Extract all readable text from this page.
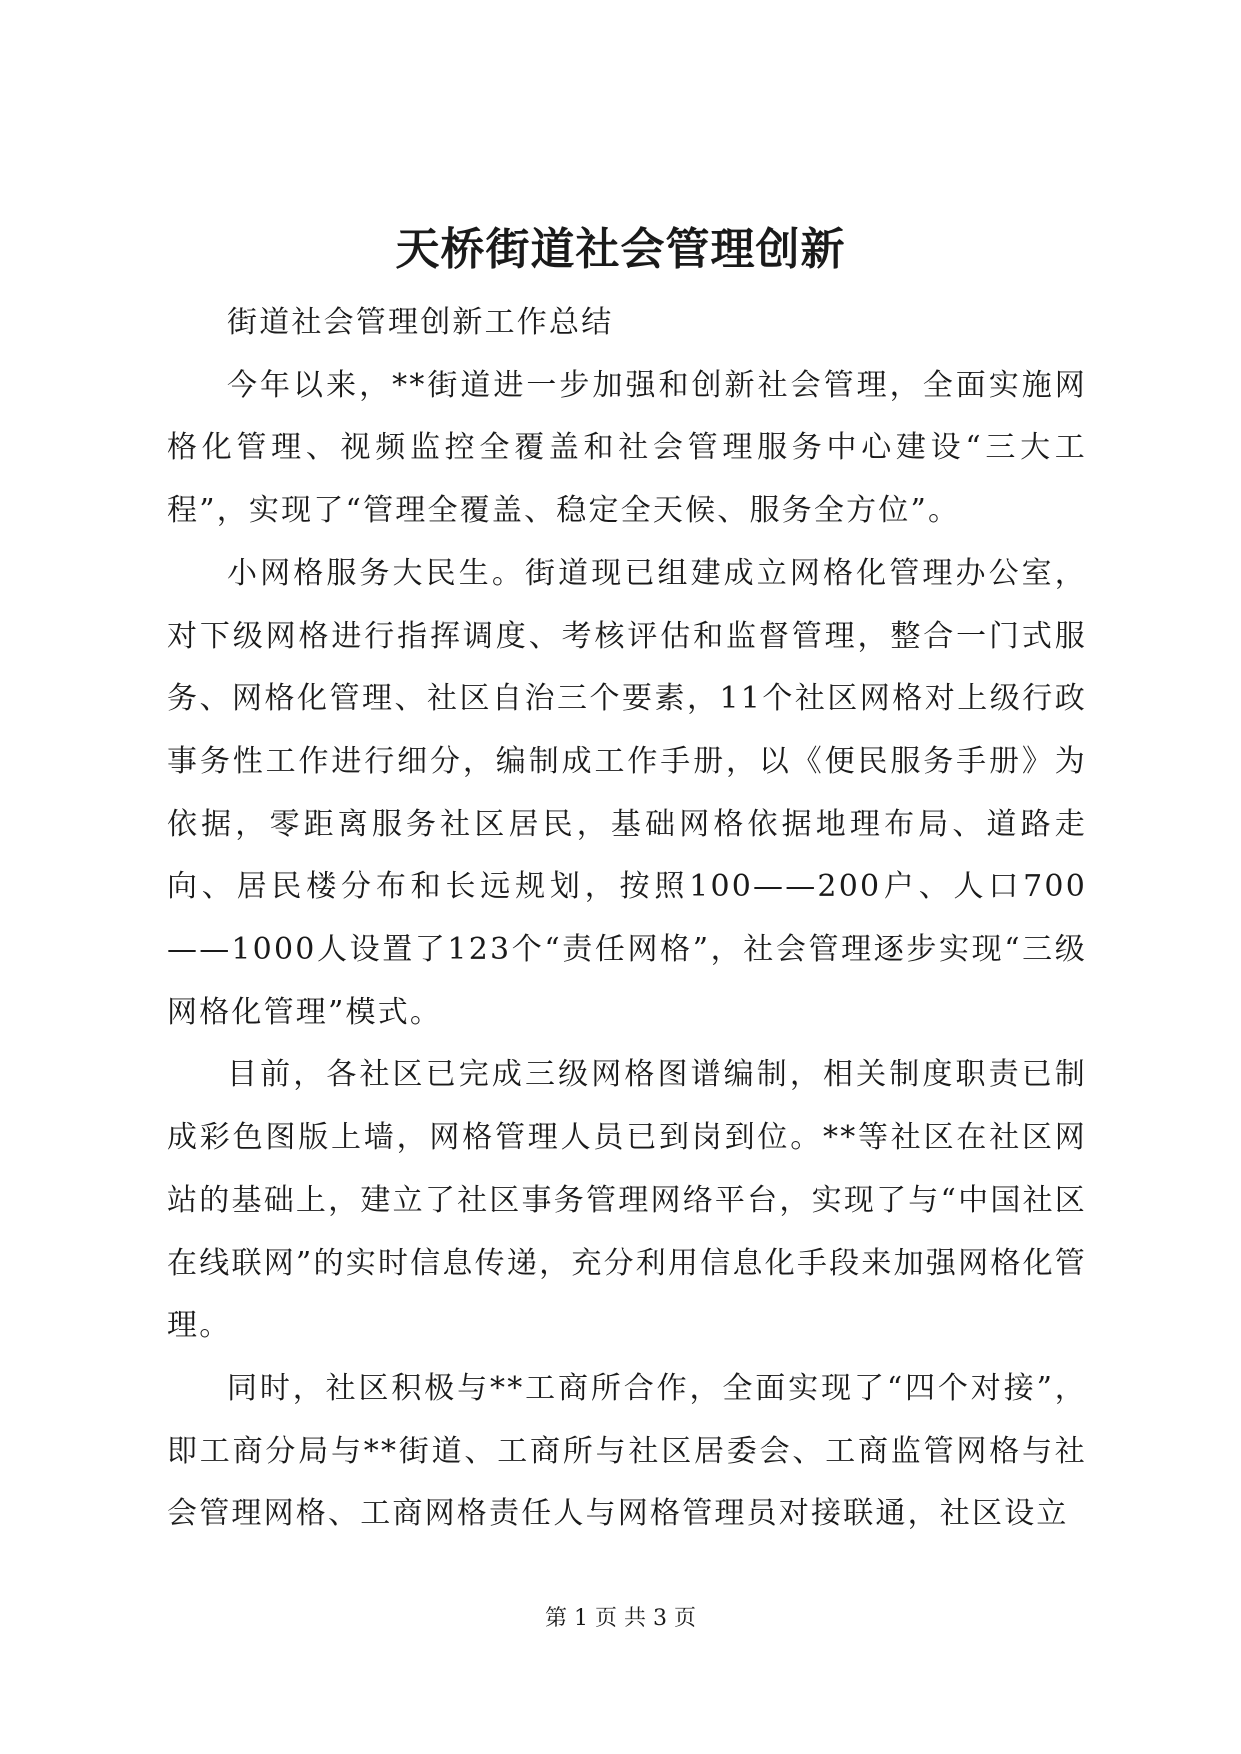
天桥街道社会管理创新

街道社会管理创新工作总结

今年以来，**街道进一步加强和创新社会管理，全面实施网格化管理、视频监控全覆盖和社会管理服务中心建设“三大工程”，实现了“管理全覆盖、稳定全天候、服务全方位”。

小网格服务大民生。街道现已组建成立网格化管理办公室，对下级网格进行指挥调度、考核评估和监督管理，整合一门式服务、网格化管理、社区自治三个要素，11个社区网格对上级行政事务性工作进行细分，编制成工作手册，以《便民服务手册》为依据，零距离服务社区居民，基础网格依据地理布局、道路走向、居民楼分布和长远规划，按照100——200户、人口700——1000人设置了123个“责任网格”，社会管理逐步实现“三级网格化管理”模式。

目前，各社区已完成三级网格图谱编制，相关制度职责已制成彩色图版上墙，网格管理人员已到岗到位。**等社区在社区网站的基础上，建立了社区事务管理网络平台，实现了与“中国社区在线联网”的实时信息传递，充分利用信息化手段来加强网格化管理。

同时，社区积极与**工商所合作，全面实现了“四个对接”，即工商分局与**街道、工商所与社区居委会、工商监管网格与社会管理网格、工商网格责任人与网格管理员对接联通，社区设立

第 1 页 共 3 页
